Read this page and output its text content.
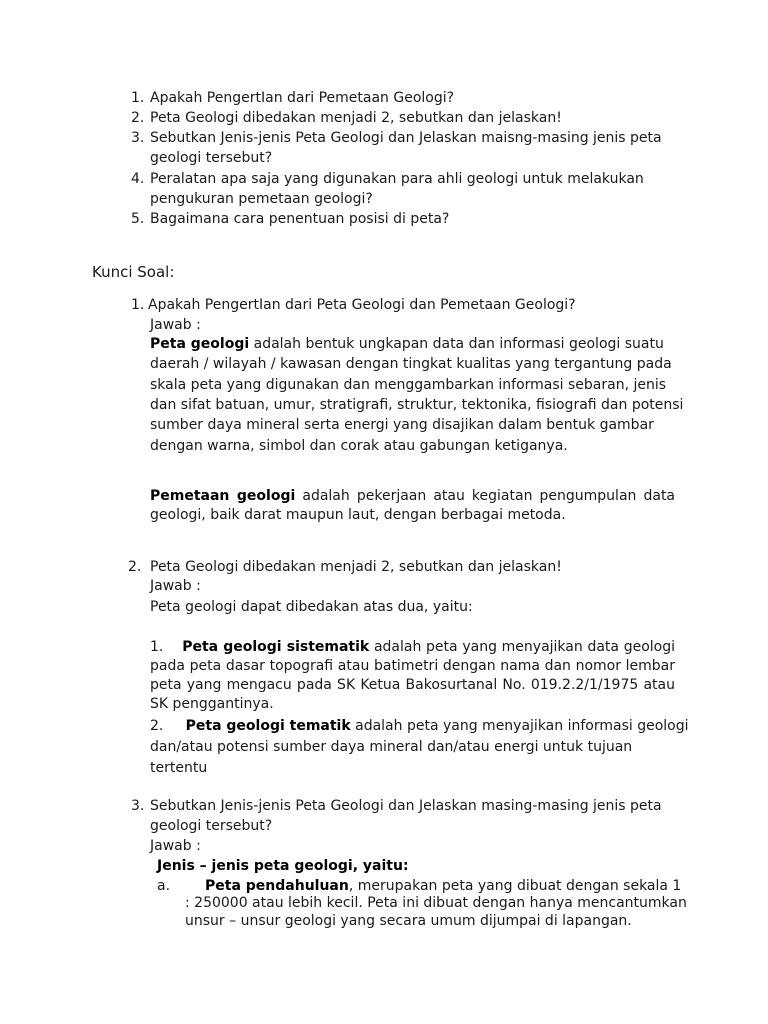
1. Apakah PengertIan dari Pemetaan Geologi?
2. Peta Geologi dibedakan menjadi 2, sebutkan dan jelaskan!
3. Sebutkan Jenis-jenis Peta Geologi dan Jelaskan maisng-masing jenis peta
geologi tersebut?
4. Peralatan apa saja yang digunakan para ahli geologi untuk melakukan
pengukuran pemetaan geologi?
5. Bagaimana cara penentuan posisi di peta?
Kunci Soal:
1. Apakah PengertIan dari Peta Geologi dan Pemetaan Geologi?
Jawab :
Peta geologi adalah bentuk ungkapan data dan informasi geologi suatu
daerah / wilayah / kawasan dengan tingkat kualitas yang tergantung pada
skala peta yang digunakan dan menggambarkan informasi sebaran, jenis
dan sifat batuan, umur, stratigrafi, struktur, tektonika, fisiografi dan potensi
sumber daya mineral serta energi yang disajikan dalam bentuk gambar
dengan warna, simbol dan corak atau gabungan ketiganya.
Pemetaan geologi adalah pekerjaan atau kegiatan pengumpulan data
geologi, baik darat maupun laut, dengan berbagai metoda.
2. Peta Geologi dibedakan menjadi 2, sebutkan dan jelaskan!
Jawab :
Peta geologi dapat dibedakan atas dua, yaitu:
1. Peta geologi sistematik adalah peta yang menyajikan data geologi
pada peta dasar topografi atau batimetri dengan nama dan nomor lembar
peta yang mengacu pada SK Ketua Bakosurtanal No. 019.2.2/1/1975 atau
SK penggantinya.
2. Peta geologi tematik adalah peta yang menyajikan informasi geologi
dan/atau potensi sumber daya mineral dan/atau energi untuk tujuan
tertentu
3. Sebutkan Jenis-jenis Peta Geologi dan Jelaskan masing-masing jenis peta
geologi tersebut?
Jawab :
Jenis – jenis peta geologi, yaitu:
a. Peta pendahuluan, merupakan peta yang dibuat dengan sekala 1
: 250000 atau lebih kecil. Peta ini dibuat dengan hanya mencantumkan
unsur – unsur geologi yang secara umum dijumpai di lapangan.
